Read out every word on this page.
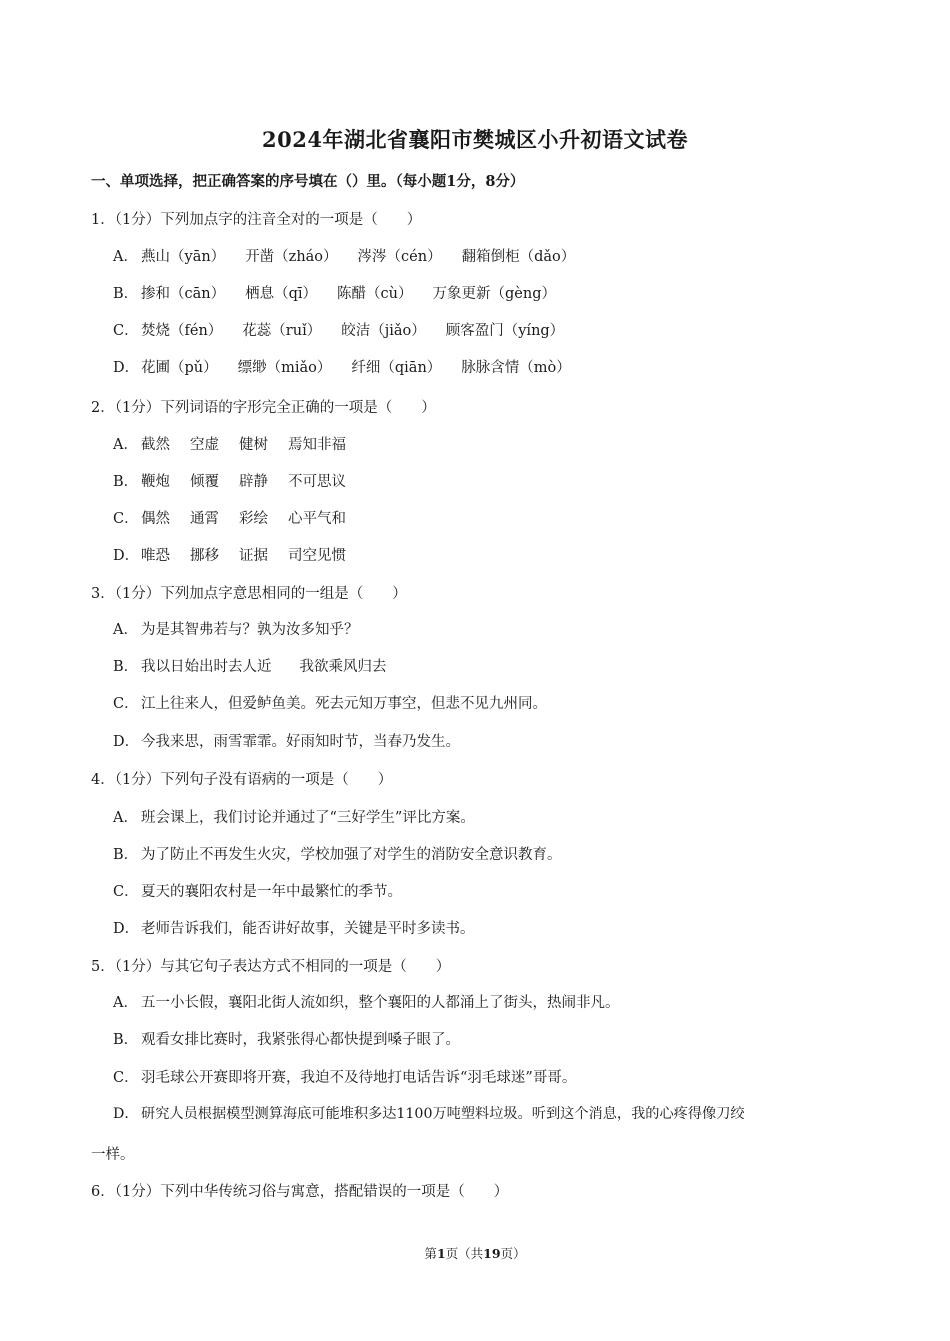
2024年湖北省襄阳市樊城区小升初语文试卷
一、单项选择，把正确答案的序号填在（）里。（每小题1分，8分）
1．（1分）下列加点字的注音全对的一项是（　　）
A． 燕山（yān） 开凿（zháo） 涔涔（cén） 翻箱倒柜（dǎo）
B． 掺和（cān） 栖息（qī） 陈醋（cù） 万象更新（gèng）
C． 焚烧（fén） 花蕊（ruǐ） 皎洁（jiǎo） 顾客盈门（yíng）
D． 花圃（pǔ） 缥缈（miǎo） 纤细（qiān） 脉脉含情（mò）
2．（1分）下列词语的字形完全正确的一项是（　　）
A． 截然 空虚 健树 焉知非福
B． 鞭炮 倾覆 辟静 不可思议
C． 偶然 通霄 彩绘 心平气和
D． 唯恐 挪移 证据 司空见惯
3．（1分）下列加点字意思相同的一组是（　　）
A． 为是其智弗若与？孰为汝多知乎？
B． 我以日始出时去人近 我欲乘风归去
C． 江上往来人，但爱鲈鱼美。死去元知万事空，但悲不见九州同。
D． 今我来思，雨雪霏霏。好雨知时节，当春乃发生。
4．（1分）下列句子没有语病的一项是（　　）
A． 班会课上，我们讨论并通过了“三好学生”评比方案。
B． 为了防止不再发生火灾，学校加强了对学生的消防安全意识教育。
C． 夏天的襄阳农村是一年中最繁忙的季节。
D． 老师告诉我们，能否讲好故事，关键是平时多读书。
5．（1分）与其它句子表达方式不相同的一项是（　　）
A． 五一小长假，襄阳北街人流如织，整个襄阳的人都涌上了街头，热闹非凡。
B． 观看女排比赛时，我紧张得心都快提到嗓子眼了。
C． 羽毛球公开赛即将开赛，我迫不及待地打电话告诉“羽毛球迷”哥哥。
D． 研究人员根据模型测算海底可能堆积多达1100万吨塑料垃圾。听到这个消息，我的心疼得像刀绞
一样。
6．（1分）下列中华传统习俗与寓意，搭配错误的一项是（　　）
第1页（共19页）
